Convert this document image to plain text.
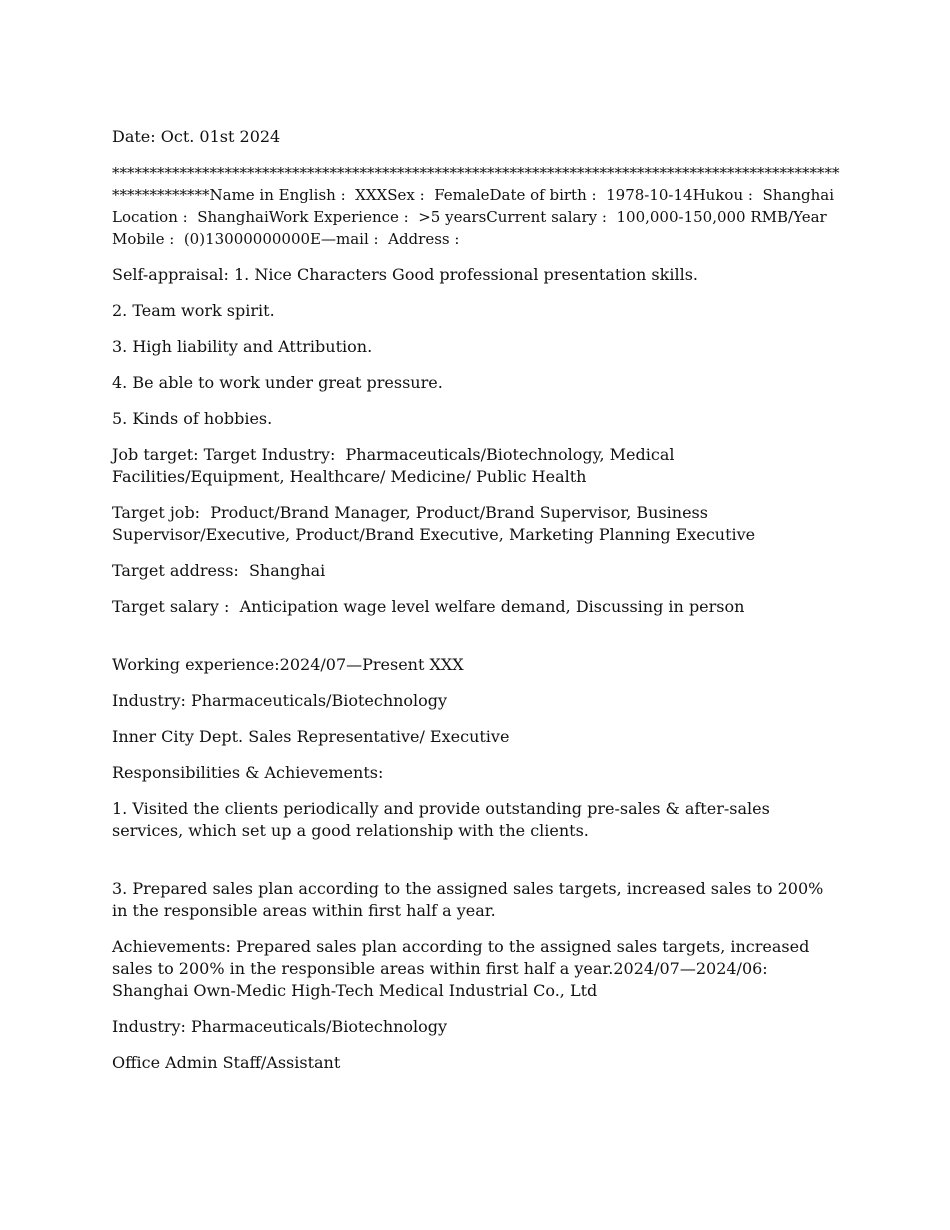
Date: Oct. 01st 2024

**************************************************************************************************************Name in English :  XXXSex :  FemaleDate of birth :  1978-10-14Hukou :  ShanghaiLocation :  ShanghaiWork Experience :  >5 yearsCurrent salary :  100,000-150,000 RMB/YearMobile :  (0)13000000000E—mail :  Address :

Self-appraisal: 1. Nice Characters Good professional presentation skills.

2. Team work spirit.

3. High liability and Attribution.

4. Be able to work under great pressure.

5. Kinds of hobbies.

Job target: Target Industry:  Pharmaceuticals/Biotechnology, Medical Facilities/Equipment, Healthcare/ Medicine/ Public Health

Target job:  Product/Brand Manager, Product/Brand Supervisor, Business Supervisor/Executive, Product/Brand Executive, Marketing Planning Executive

Target address:  Shanghai

Target salary :  Anticipation wage level welfare demand, Discussing in person

Working experience:2024/07—Present XXX

Industry: Pharmaceuticals/Biotechnology

Inner City Dept. Sales Representative/ Executive

Responsibilities & Achievements:

1. Visited the clients periodically and provide outstanding pre-sales & after-sales services, which set up a good relationship with the clients.

3. Prepared sales plan according to the assigned sales targets, increased sales to 200% in the responsible areas within first half a year.

Achievements: Prepared sales plan according to the assigned sales targets, increased sales to 200% in the responsible areas within first half a year.2024/07—2024/06:  Shanghai Own-Medic High-Tech Medical Industrial Co., Ltd

Industry: Pharmaceuticals/Biotechnology

Office Admin Staff/Assistant
